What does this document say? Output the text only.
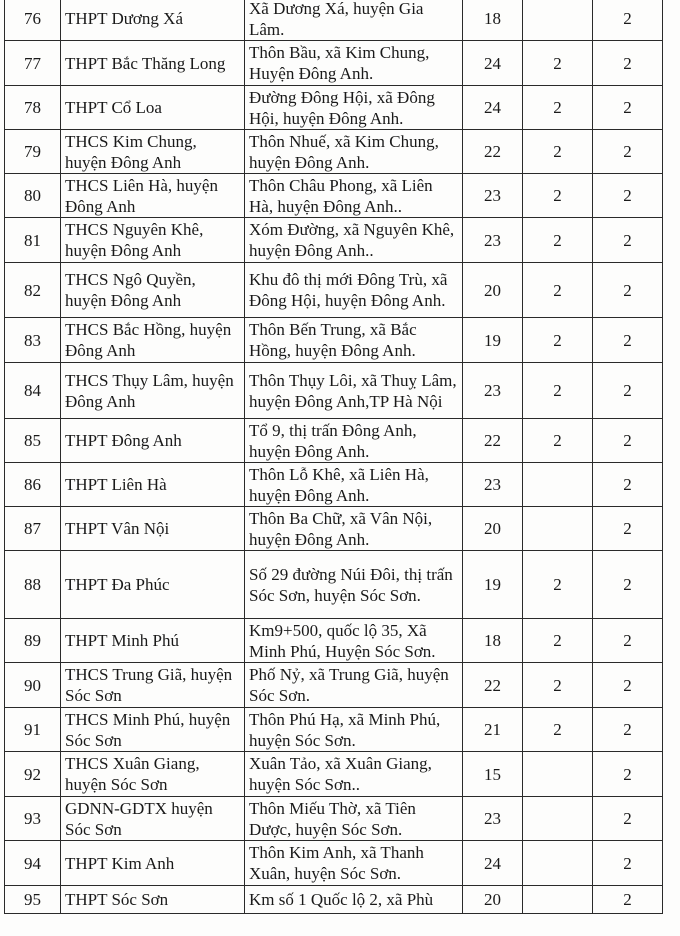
76	THPT Dương Xá	Xã Dương Xá, huyện Gia Lâm.	18		2
77	THPT Bắc Thăng Long	Thôn Bầu, xã Kim Chung, Huyện Đông Anh.	24	2	2
78	THPT Cổ Loa	Đường Đông Hội, xã Đông Hội, huyện Đông Anh.	24	2	2
79	THCS Kim Chung, huyện Đông Anh	Thôn Nhuế, xã Kim Chung, huyện Đông Anh.	22	2	2
80	THCS Liên Hà, huyện Đông Anh	Thôn Châu Phong, xã Liên Hà, huyện Đông Anh..	23	2	2
81	THCS Nguyên Khê, huyện Đông Anh	Xóm Đường, xã Nguyên Khê, huyện Đông Anh..	23	2	2
82	THCS Ngô Quyền, huyện Đông Anh	Khu đô thị mới Đông Trù, xã Đông Hội, huyện Đông Anh.	20	2	2
83	THCS Bắc Hồng, huyện Đông Anh	Thôn Bến Trung, xã Bắc Hồng, huyện Đông Anh.	19	2	2
84	THCS Thụy Lâm, huyện Đông Anh	Thôn Thụy Lôi, xã Thuỵ Lâm, huyện Đông Anh,TP Hà Nội	23	2	2
85	THPT Đông Anh	Tổ 9, thị trấn Đông Anh, huyện Đông Anh.	22	2	2
86	THPT Liên Hà	Thôn Lỗ Khê, xã Liên Hà, huyện Đông Anh.	23		2
87	THPT Vân Nội	Thôn Ba Chữ, xã Vân Nội, huyện Đông Anh.	20		2
88	THPT Đa Phúc	Số 29 đường Núi Đôi, thị trấn Sóc Sơn, huyện Sóc Sơn.	19	2	2
89	THPT Minh Phú	Km9+500, quốc lộ 35, Xã Minh Phú, Huyện Sóc Sơn.	18	2	2
90	THCS Trung Giã, huyện Sóc Sơn	Phố Nỷ, xã Trung Giã, huyện Sóc Sơn.	22	2	2
91	THCS Minh Phú, huyện Sóc Sơn	Thôn Phú Hạ, xã Minh Phú, huyện Sóc Sơn.	21	2	2
92	THCS Xuân Giang, huyện Sóc Sơn	Xuân Tảo, xã Xuân Giang, huyện Sóc Sơn..	15		2
93	GDNN-GDTX huyện Sóc Sơn	Thôn Miếu Thờ, xã Tiên Dược, huyện Sóc Sơn.	23		2
94	THPT Kim Anh	Thôn Kim Anh, xã Thanh Xuân, huyện Sóc Sơn.	24		2
95	THPT Sóc Sơn	Km số 1 Quốc lộ 2, xã Phù	20		2
